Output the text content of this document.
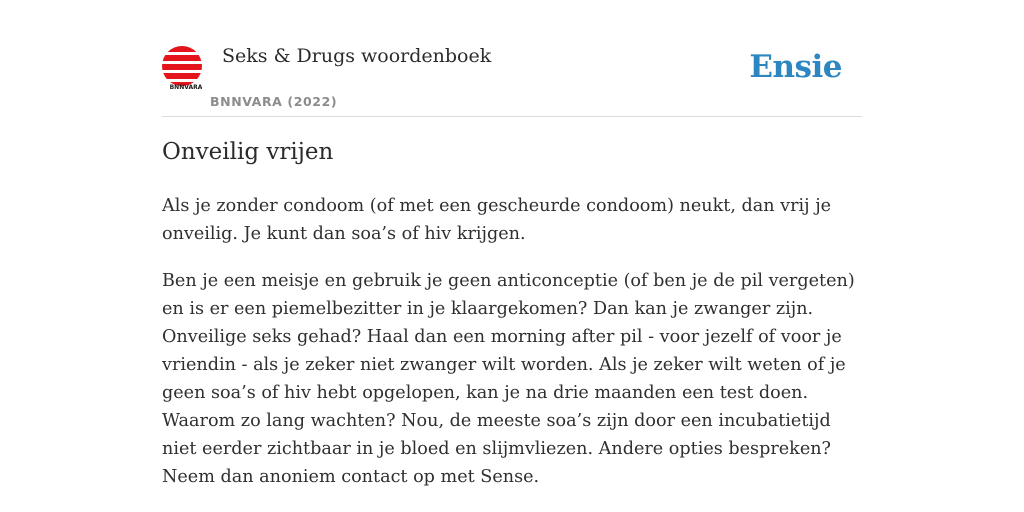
BNNVARA
Seks & Drugs woordenboek
BNNVARA (2022)
Ensie
Onveilig vrijen

Als je zonder condoom (of met een gescheurde condoom) neukt, dan vrij je onveilig. Je kunt dan soa’s of hiv krijgen.

Ben je een meisje en gebruik je geen anticonceptie (of ben je de pil vergeten) en is er een piemelbezitter in je klaargekomen? Dan kan je zwanger zijn. Onveilige seks gehad? Haal dan een morning after pil - voor jezelf of voor je vriendin - als je zeker niet zwanger wilt worden. Als je zeker wilt weten of je geen soa’s of hiv hebt opgelopen, kan je na drie maanden een test doen. Waarom zo lang wachten? Nou, de meeste soa’s zijn door een incubatietijd niet eerder zichtbaar in je bloed en slijmvliezen. Andere opties bespreken? Neem dan anoniem contact op met Sense.
